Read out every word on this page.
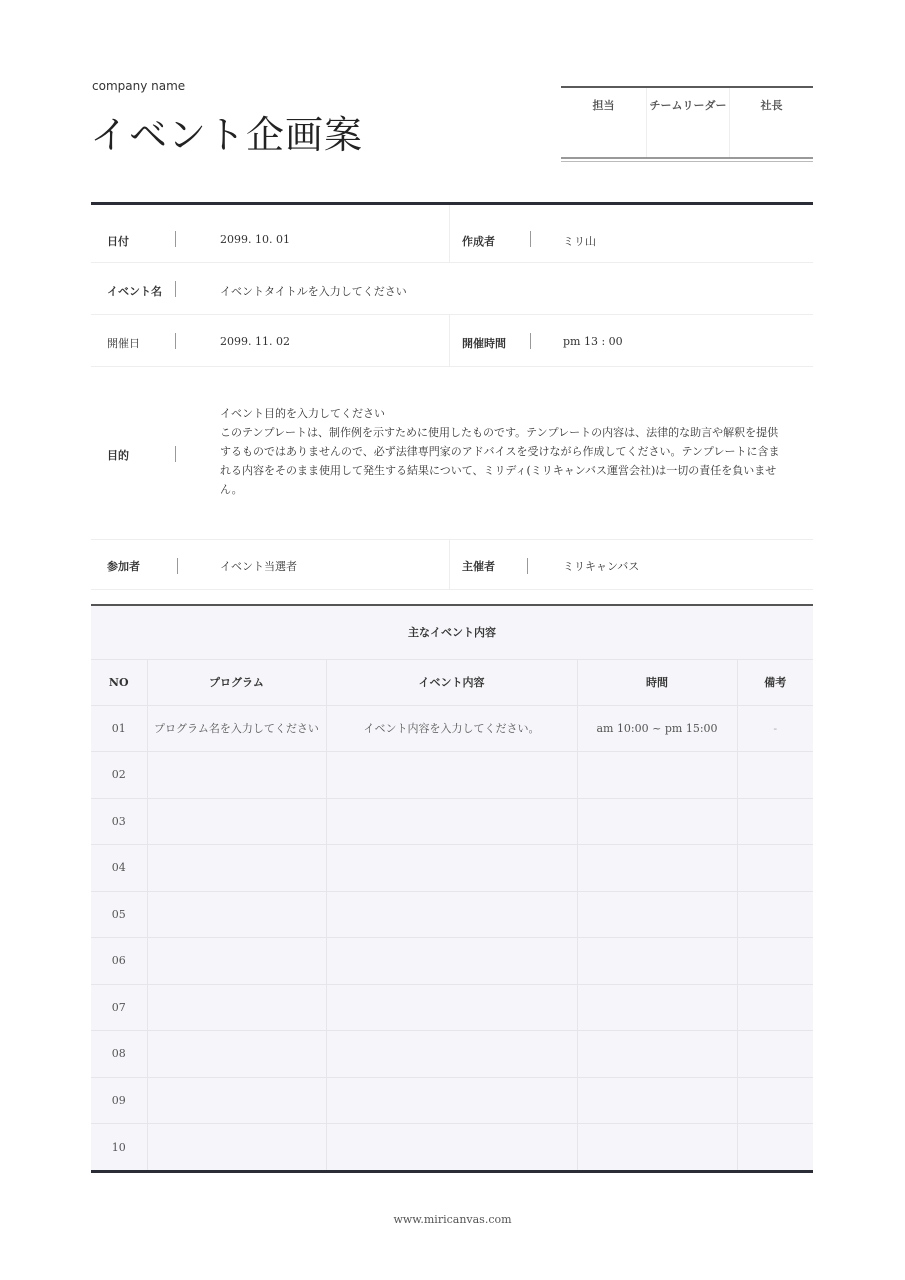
company name
イベント企画案
担当	チームリーダー	社長
日付	2099. 10. 01	作成者	ミリ山
イベント名	イベントタイトルを入力してください
開催日	2099. 11. 02	開催時間	pm 13 : 00
目的
イベント目的を入力してください
このテンプレートは、制作例を示すために使用したものです。テンプレートの内容は、法律的な助言や解釈を提供するものではありませんので、必ず法律専門家のアドバイスを受けながら作成してください。テンプレートに含まれる内容をそのまま使用して発生する結果について、ミリディ(ミリキャンバス運営会社)は一切の責任を負いません。
参加者	イベント当選者	主催者	ミリキャンバス
主なイベント内容
NO	プログラム	イベント内容	時間	備考
01	プログラム名を入力してください	イベント内容を入力してください。	am 10:00 ~ pm 15:00	-
02				
03				
04				
05				
06				
07				
08				
09				
10				
www.miricanvas.com
